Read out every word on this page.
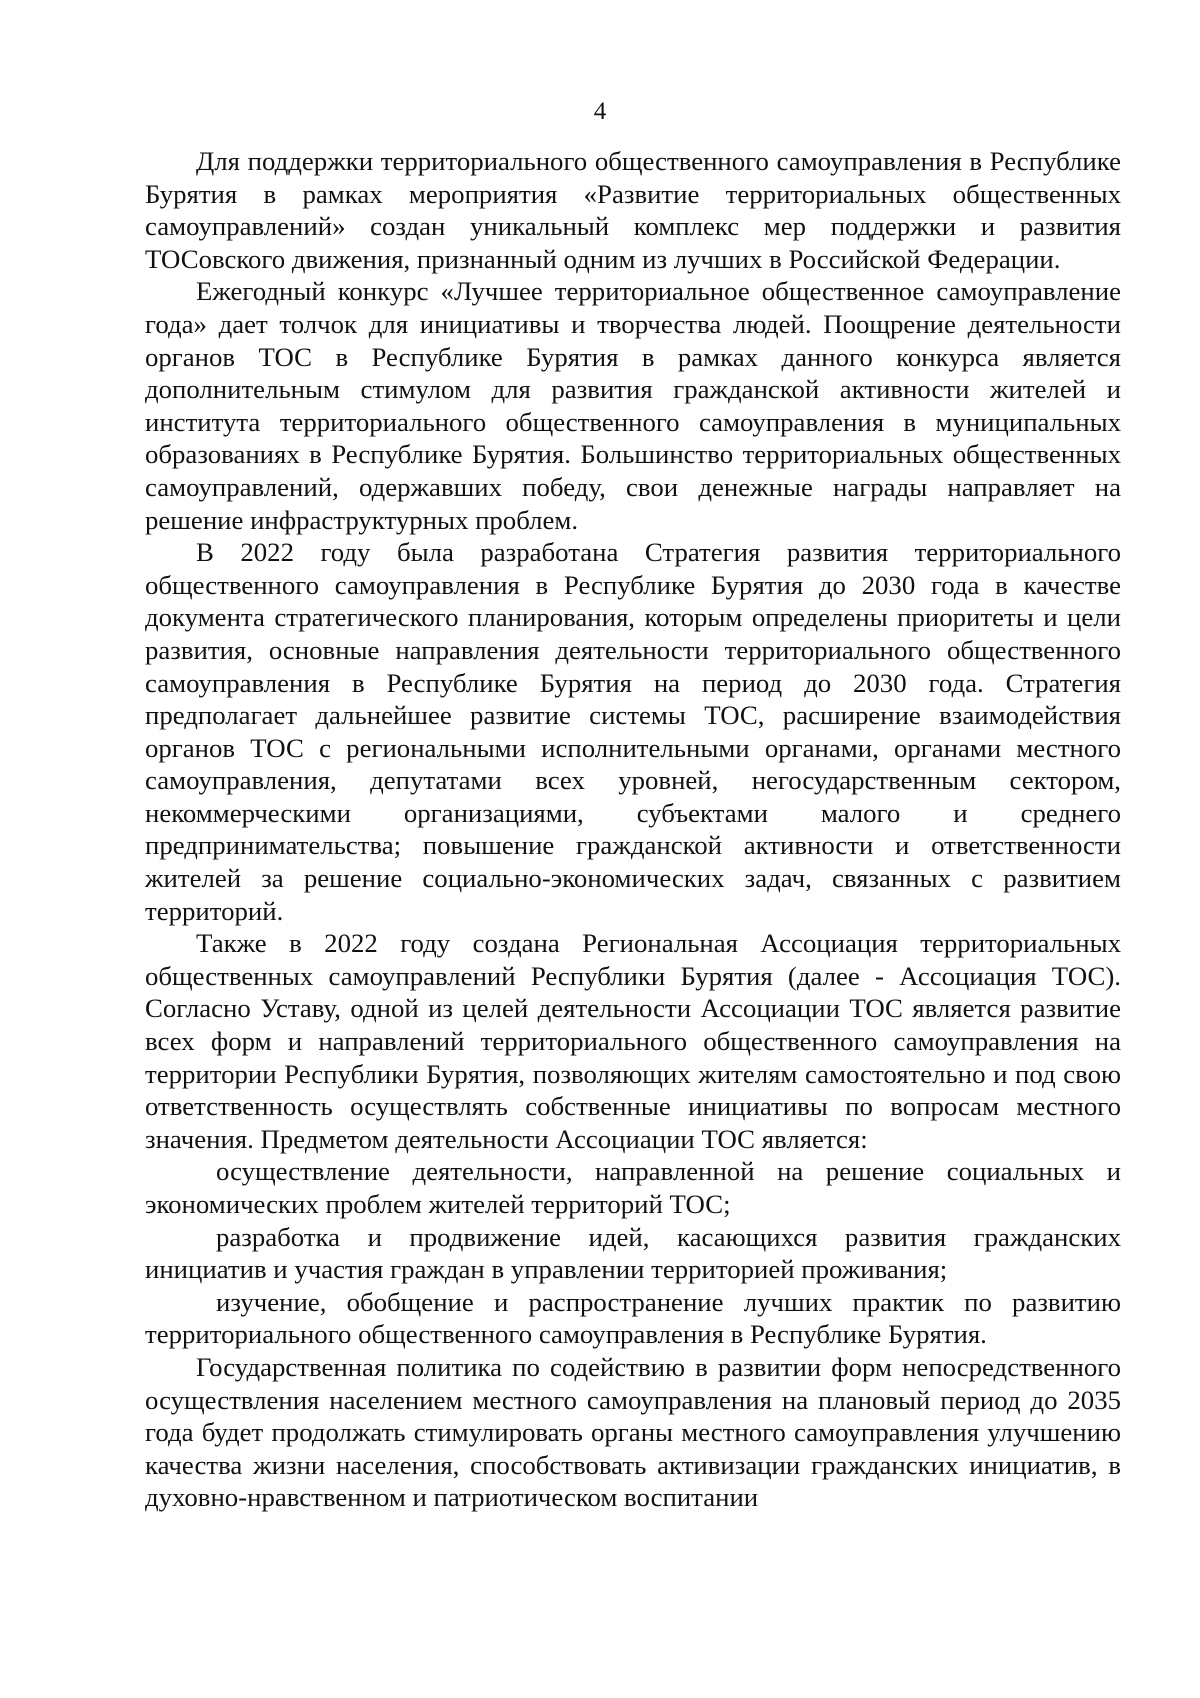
4

Для поддержки территориального общественного самоуправления в Республике Бурятия в рамках мероприятия «Развитие территориальных общественных самоуправлений» создан уникальный комплекс мер поддержки и развития ТОСовского движения, признанный одним из лучших в Российской Федерации.

Ежегодный конкурс «Лучшее территориальное общественное самоуправление года» дает толчок для инициативы и творчества людей. Поощрение деятельности органов ТОС в Республике Бурятия в рамках данного конкурса является дополнительным стимулом для развития гражданской активности жителей и института территориального общественного самоуправления в муниципальных образованиях в Республике Бурятия. Большинство территориальных общественных самоуправлений, одержавших победу, свои денежные награды направляет на решение инфраструктурных проблем.

В 2022 году была разработана Стратегия развития территориального общественного самоуправления в Республике Бурятия до 2030 года в качестве документа стратегического планирования, которым определены приоритеты и цели развития, основные направления деятельности территориального общественного самоуправления в Республике Бурятия на период до 2030 года. Стратегия предполагает дальнейшее развитие системы ТОС, расширение взаимодействия органов ТОС с региональными исполнительными органами, органами местного самоуправления, депутатами всех уровней, негосударственным сектором, некоммерческими организациями, субъектами малого и среднего предпринимательства; повышение гражданской активности и ответственности жителей за решение социально-экономических задач, связанных с развитием территорий.

Также в 2022 году создана Региональная Ассоциация территориальных общественных самоуправлений Республики Бурятия (далее - Ассоциация ТОС). Согласно Уставу, одной из целей деятельности Ассоциации ТОС является развитие всех форм и направлений территориального общественного самоуправления на территории Республики Бурятия, позволяющих жителям самостоятельно и под свою ответственность осуществлять собственные инициативы по вопросам местного значения. Предметом деятельности Ассоциации ТОС является:

осуществление деятельности, направленной на решение социальных и экономических проблем жителей территорий ТОС;

разработка и продвижение идей, касающихся развития гражданских инициатив и участия граждан в управлении территорией проживания;

изучение, обобщение и распространение лучших практик по развитию территориального общественного самоуправления в Республике Бурятия.

Государственная политика по содействию в развитии форм непосредственного осуществления населением местного самоуправления на плановый период до 2035 года будет продолжать стимулировать органы местного самоуправления улучшению качества жизни населения, способствовать активизации гражданских инициатив, в духовно-нравственном и патриотическом воспитании
